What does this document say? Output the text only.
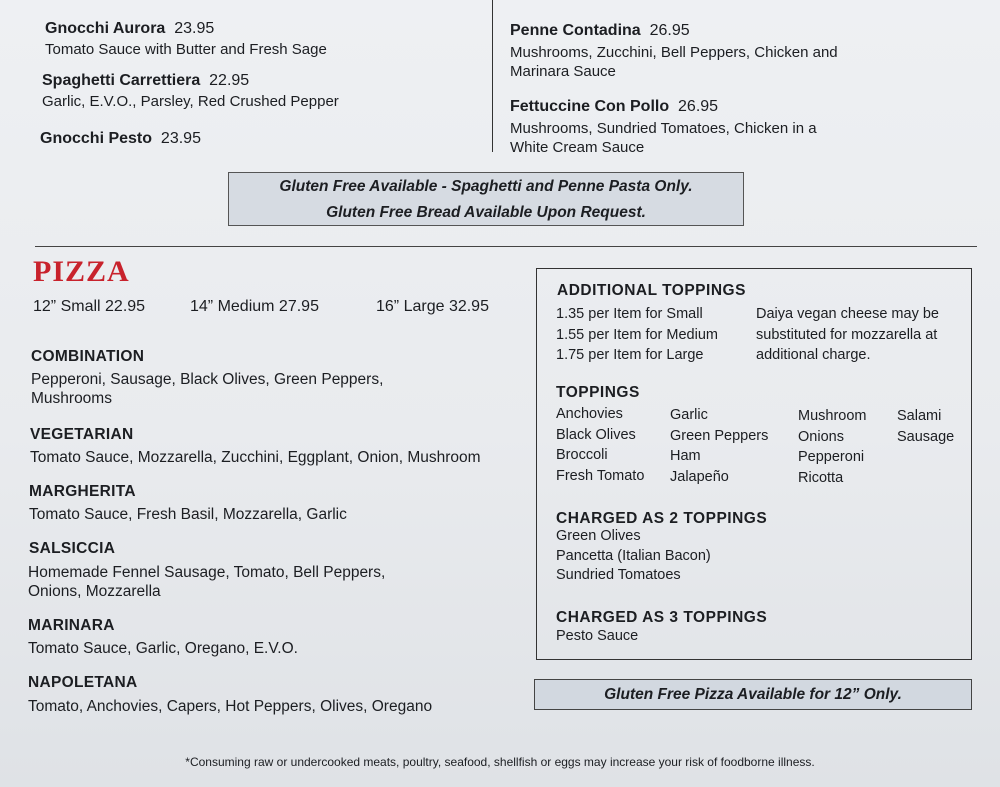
Gnocchi Aurora 23.95
Tomato Sauce with Butter and Fresh Sage
Spaghetti Carrettiera 22.95
Garlic, E.V.O., Parsley, Red Crushed Pepper
Gnocchi Pesto 23.95
Penne Contadina 26.95
Mushrooms, Zucchini, Bell Peppers, Chicken and
Marinara Sauce
Fettuccine Con Pollo 26.95
Mushrooms, Sundried Tomatoes, Chicken in a
White Cream Sauce
Gluten Free Available - Spaghetti and Penne Pasta Only.
Gluten Free Bread Available Upon Request.
PIZZA
12” Small 22.95	14” Medium 27.95	16” Large 32.95
COMBINATION
Pepperoni, Sausage, Black Olives, Green Peppers,
Mushrooms
VEGETARIAN
Tomato Sauce, Mozzarella, Zucchini, Eggplant, Onion, Mushroom
MARGHERITA
Tomato Sauce, Fresh Basil, Mozzarella, Garlic
SALSICCIA
Homemade Fennel Sausage, Tomato, Bell Peppers,
Onions, Mozzarella
MARINARA
Tomato Sauce, Garlic, Oregano, E.V.O.
NAPOLETANA
Tomato, Anchovies, Capers, Hot Peppers, Olives, Oregano
ADDITIONAL TOPPINGS
1.35 per Item for Small
1.55 per Item for Medium
1.75 per Item for Large
Daiya vegan cheese may be
substituted for mozzarella at
additional charge.
TOPPINGS
Anchovies
Black Olives
Broccoli
Fresh Tomato
Garlic
Green Peppers
Ham
Jalapeño
Mushroom
Onions
Pepperoni
Ricotta
Salami
Sausage
CHARGED AS 2 TOPPINGS
Green Olives
Pancetta (Italian Bacon)
Sundried Tomatoes
CHARGED AS 3 TOPPINGS
Pesto Sauce
Gluten Free Pizza Available for 12” Only.
*Consuming raw or undercooked meats, poultry, seafood, shellfish or eggs may increase your risk of foodborne illness.
